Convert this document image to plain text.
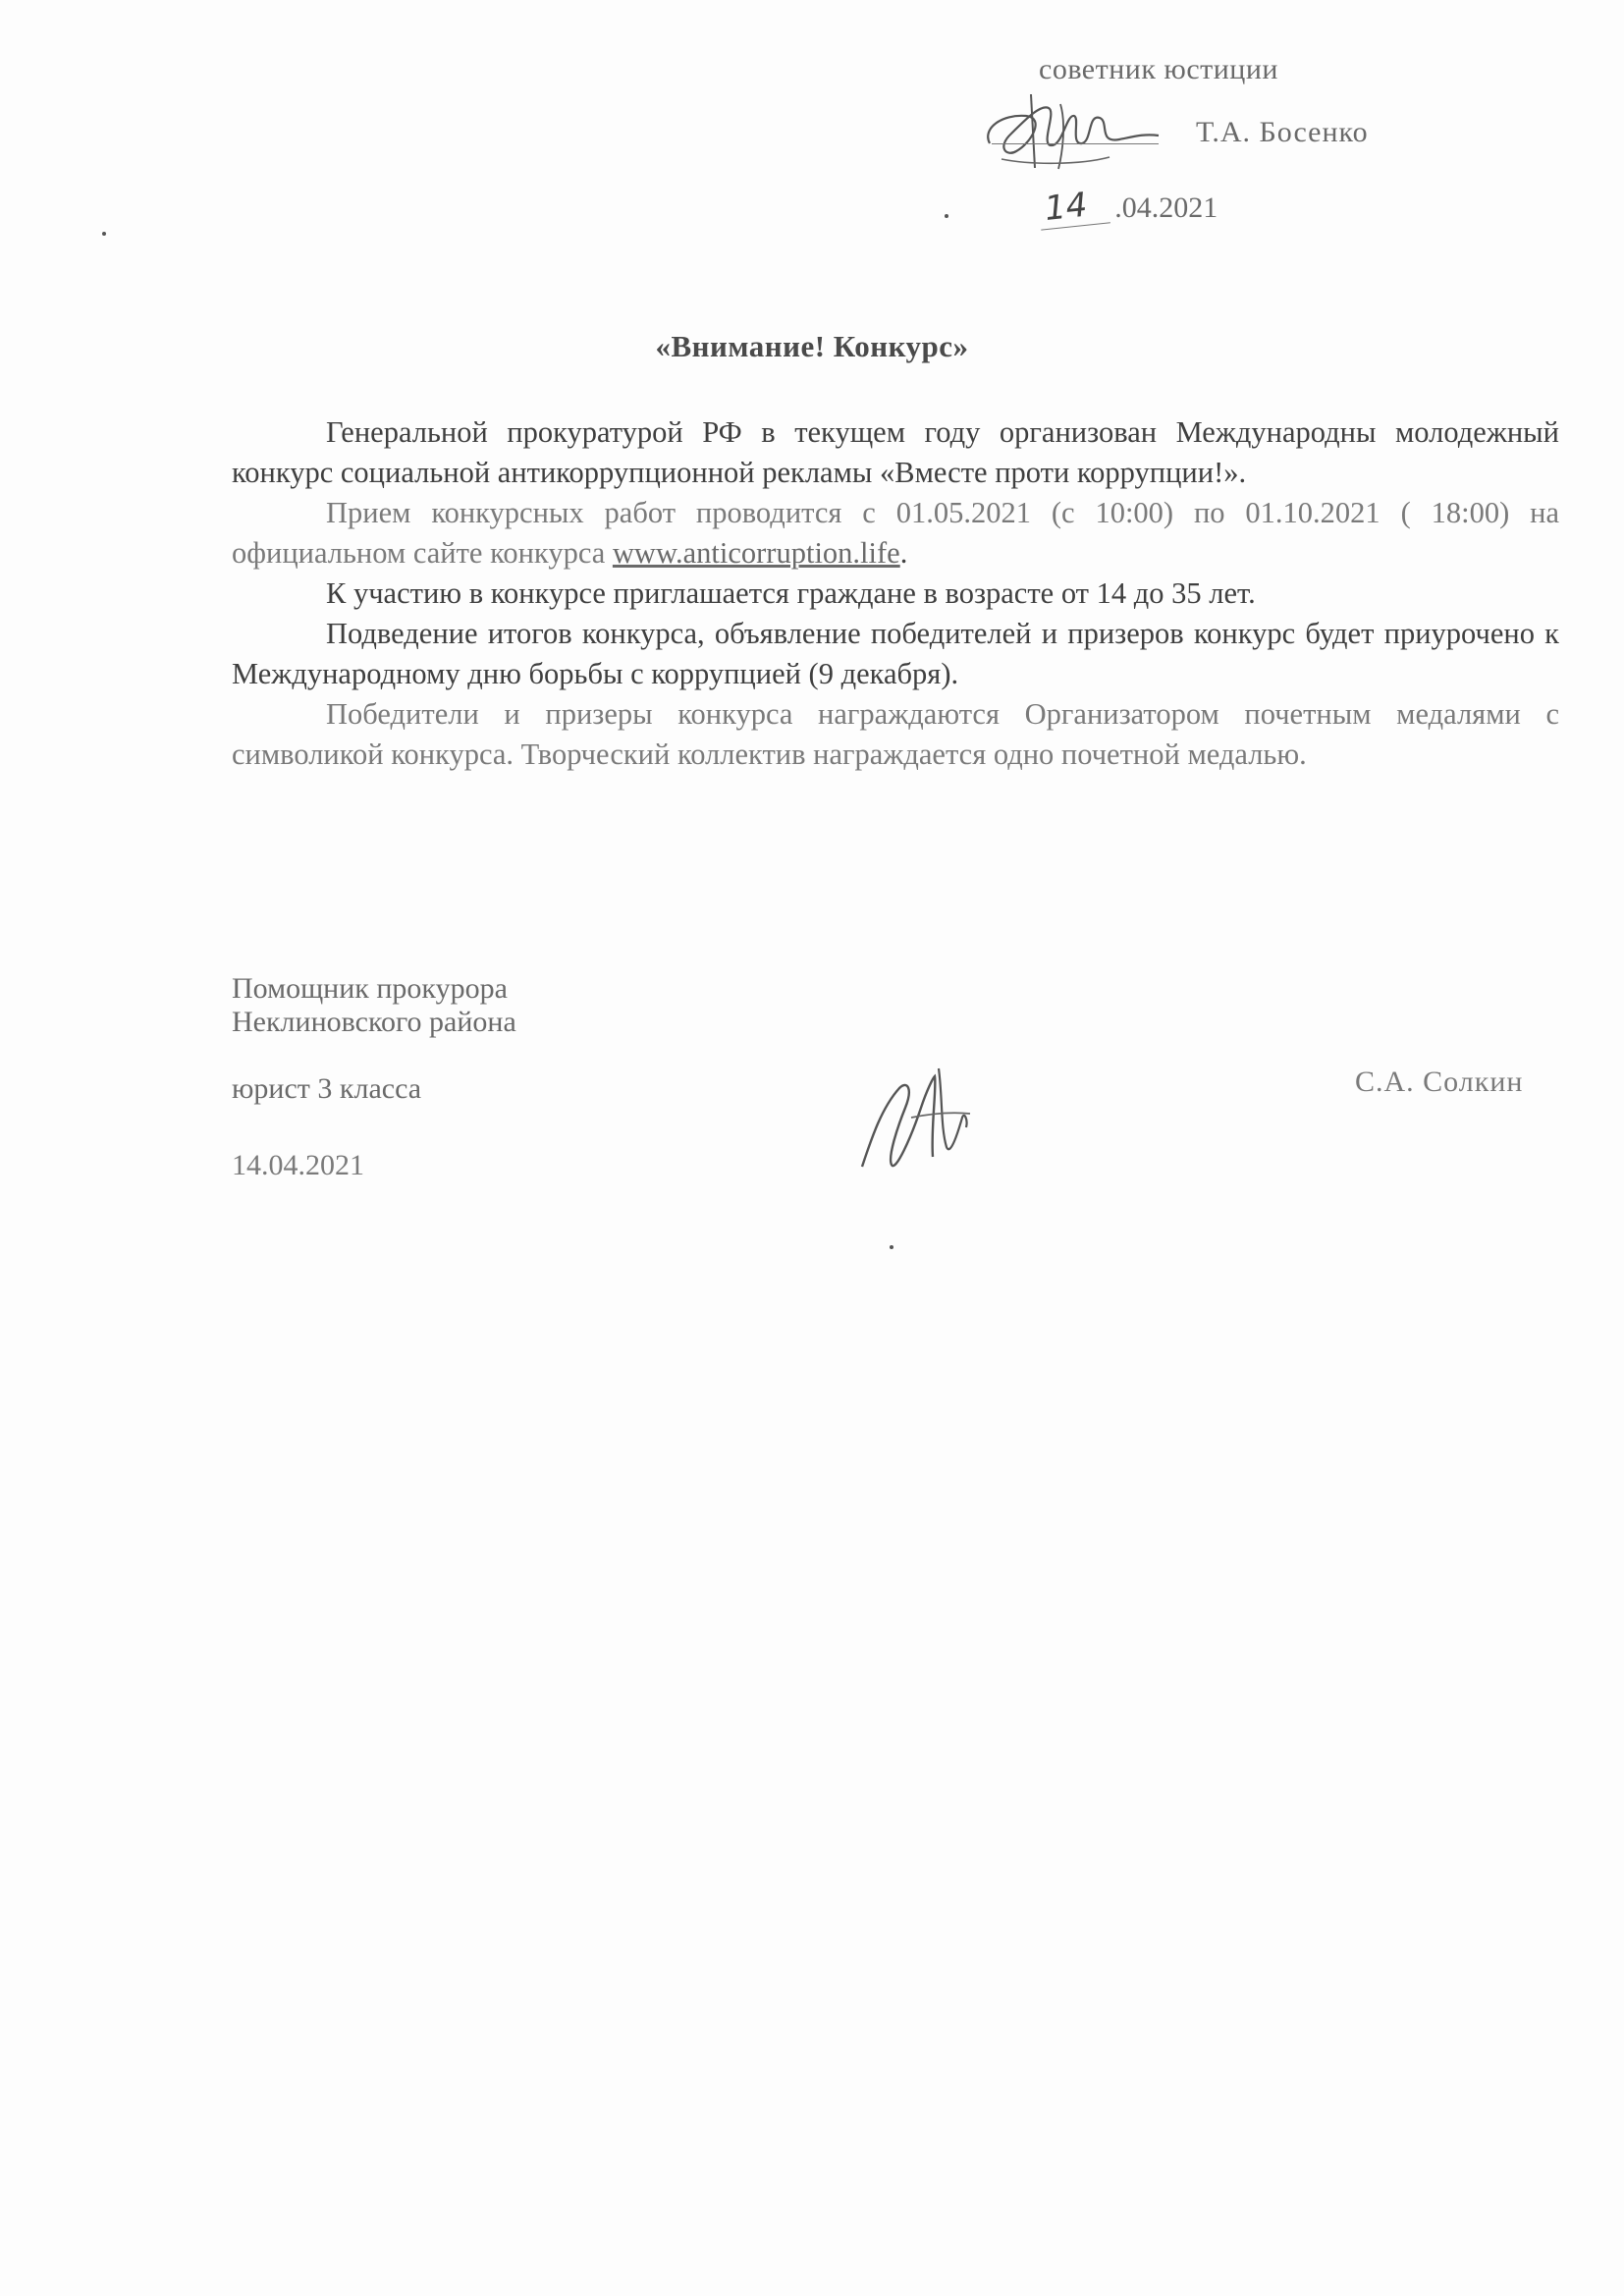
советник юстиции
Т.А. Босенко
14 .04.2021
«Внимание! Конкурс»

Генеральной прокуратурой РФ в текущем году организован Международны молодежный конкурс социальной антикоррупционной рекламы «Вместе проти коррупции!».

Прием конкурсных работ проводится с 01.05.2021 (с 10:00) по 01.10.2021 ( 18:00) на официальном сайте конкурса www.anticorruption.life.

К участию в конкурсе приглашается граждане в возрасте от 14 до 35 лет.

Подведение итогов конкурса, объявление победителей и призеров конкурс будет приурочено к Международному дню борьбы с коррупцией (9 декабря).

Победители и призеры конкурса награждаются Организатором почетным медалями с символикой конкурса. Творческий коллектив награждается одно почетной медалью.

Помощник прокурора
Неклиновского района
юрист 3 класса	С.А. Солкин
14.04.2021
